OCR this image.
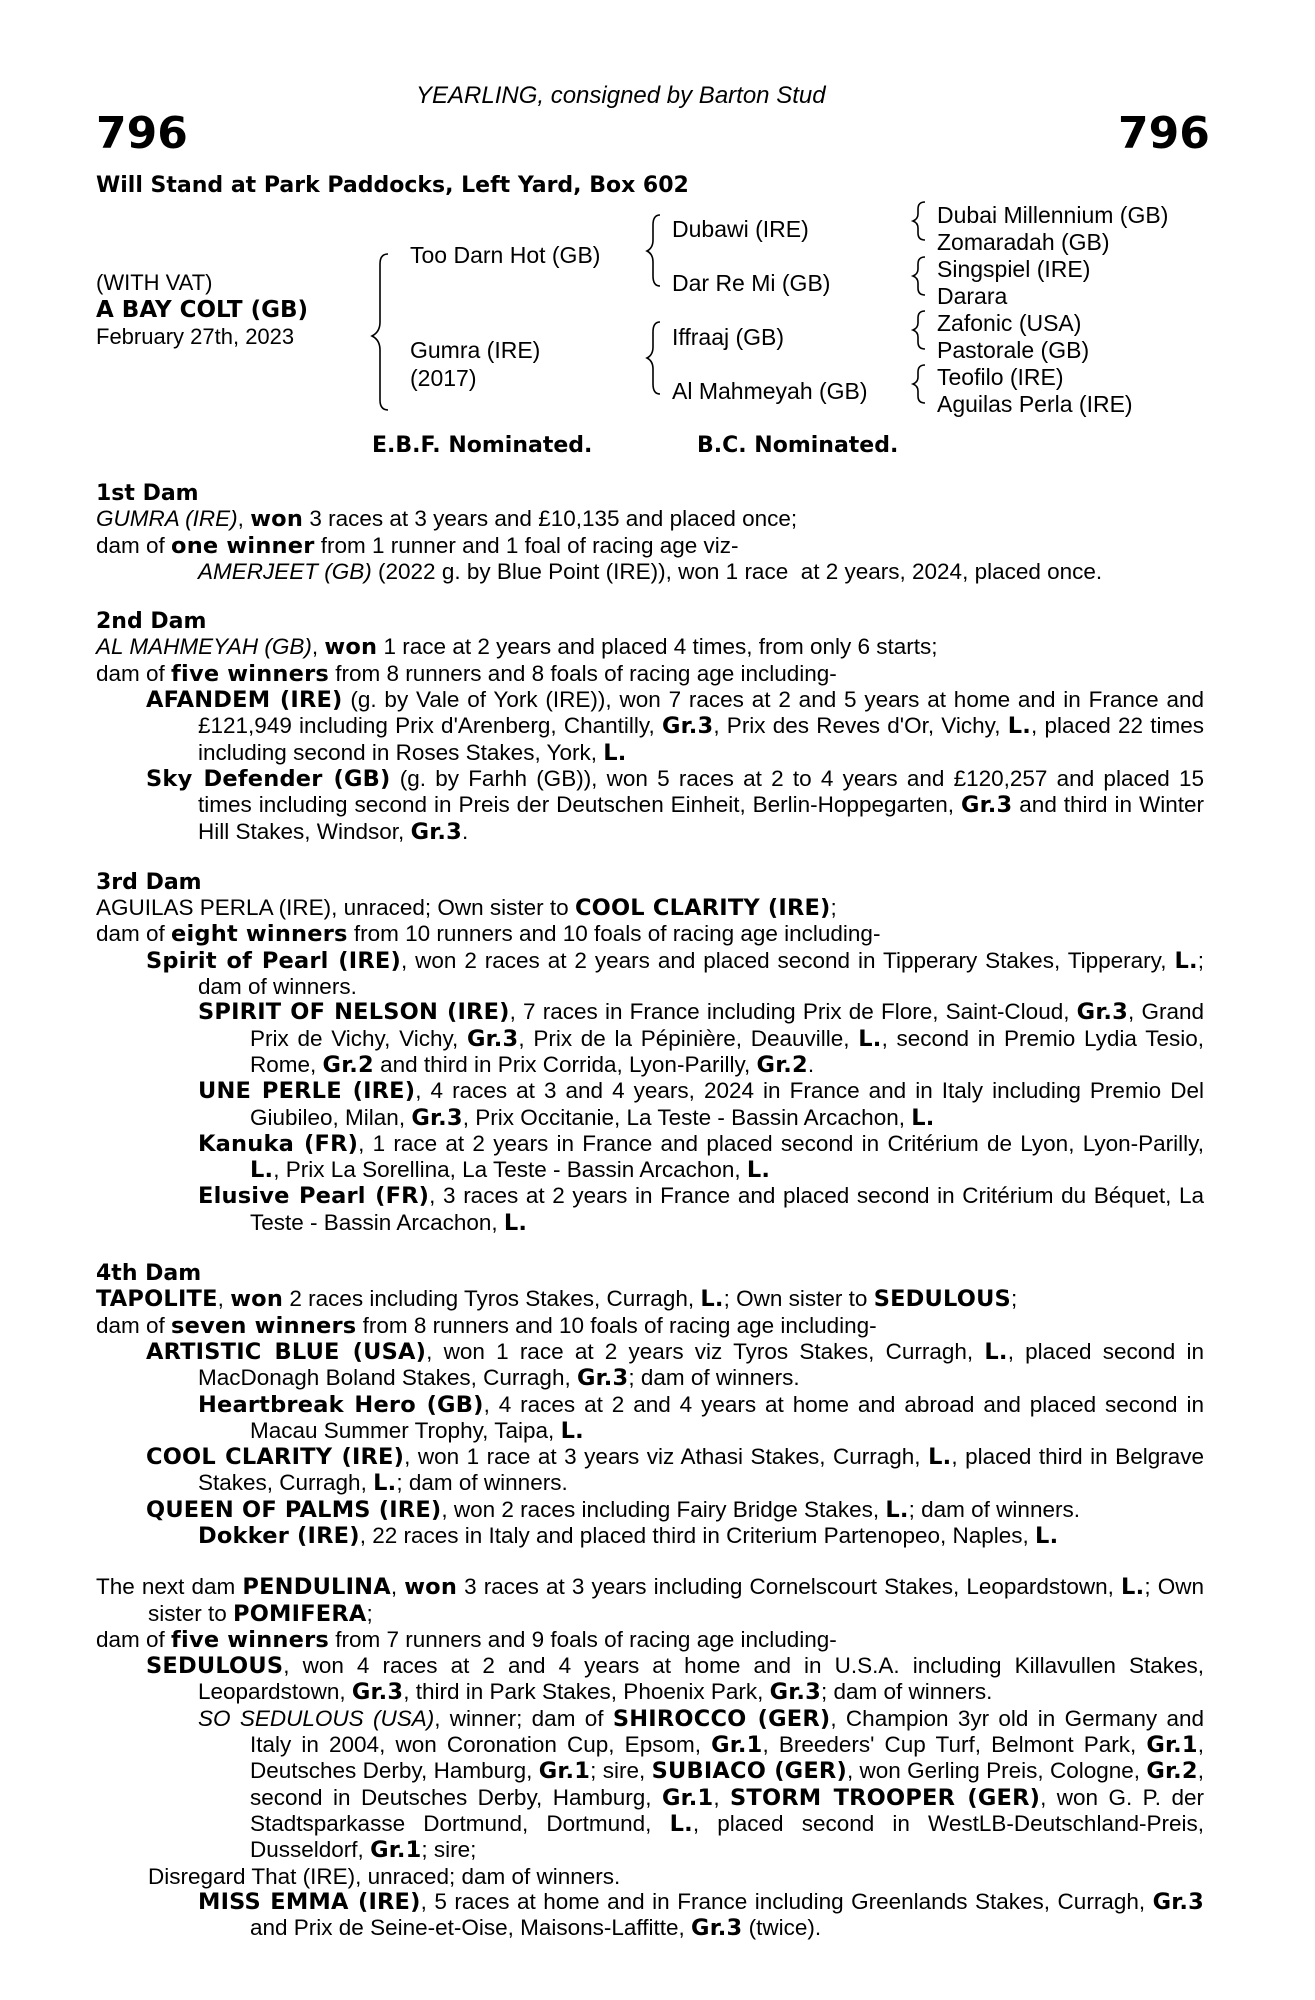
YEARLING, consigned by Barton Stud
796	796
Will Stand at Park Paddocks, Left Yard, Box 602
(WITH VAT)
A BAY COLT (GB)
February 27th, 2023
Too Darn Hot (GB)
Gumra (IRE)
(2017)
Dubawi (IRE)
Dar Re Mi (GB)
Iffraaj (GB)
Al Mahmeyah (GB)
Dubai Millennium (GB)
Zomaradah (GB)
Singspiel (IRE)
Darara
Zafonic (USA)
Pastorale (GB)
Teofilo (IRE)
Aguilas Perla (IRE)
E.B.F. Nominated.	B.C. Nominated.

1st Dam

GUMRA (IRE), won 3 races at 3 years and £10,135 and placed once;

dam of one winner from 1 runner and 1 foal of racing age viz-

AMERJEET (GB) (2022 g. by Blue Point (IRE)), won 1 race  at 2 years, 2024, placed once.

2nd Dam

AL MAHMEYAH (GB), won 1 race at 2 years and placed 4 times, from only 6 starts;

dam of five winners from 8 runners and 8 foals of racing age including-

AFANDEM (IRE) (g. by Vale of York (IRE)), won 7 races at 2 and 5 years at home and in France and £121,949 including Prix d'Arenberg, Chantilly, Gr.3, Prix des Reves d'Or, Vichy, L., placed 22 times including second in Roses Stakes, York, L.

Sky Defender (GB) (g. by Farhh (GB)), won 5 races at 2 to 4 years and £120,257 and placed 15 times including second in Preis der Deutschen Einheit, Berlin-Hoppegarten, Gr.3 and third in Winter Hill Stakes, Windsor, Gr.3.

3rd Dam

AGUILAS PERLA (IRE), unraced; Own sister to COOL CLARITY (IRE);

dam of eight winners from 10 runners and 10 foals of racing age including-

Spirit of Pearl (IRE), won 2 races at 2 years and placed second in Tipperary Stakes, Tipperary, L.; dam of winners.

SPIRIT OF NELSON (IRE), 7 races in France including Prix de Flore, Saint-Cloud, Gr.3, Grand Prix de Vichy, Vichy, Gr.3, Prix de la Pépinière, Deauville, L., second in Premio Lydia Tesio, Rome, Gr.2 and third in Prix Corrida, Lyon-Parilly, Gr.2.

UNE PERLE (IRE), 4 races at 3 and 4 years, 2024 in France and in Italy including Premio Del Giubileo, Milan, Gr.3, Prix Occitanie, La Teste - Bassin Arcachon, L.

Kanuka (FR), 1 race at 2 years in France and placed second in Critérium de Lyon, Lyon-Parilly, L., Prix La Sorellina, La Teste - Bassin Arcachon, L.

Elusive Pearl (FR), 3 races at 2 years in France and placed second in Critérium du Béquet, La Teste - Bassin Arcachon, L.

4th Dam

TAPOLITE, won 2 races including Tyros Stakes, Curragh, L.; Own sister to SEDULOUS;

dam of seven winners from 8 runners and 10 foals of racing age including-

ARTISTIC BLUE (USA), won 1 race at 2 years viz Tyros Stakes, Curragh, L., placed second in MacDonagh Boland Stakes, Curragh, Gr.3; dam of winners.

Heartbreak Hero (GB), 4 races at 2 and 4 years at home and abroad and placed second in Macau Summer Trophy, Taipa, L.

COOL CLARITY (IRE), won 1 race at 3 years viz Athasi Stakes, Curragh, L., placed third in Belgrave Stakes, Curragh, L.; dam of winners.

QUEEN OF PALMS (IRE), won 2 races including Fairy Bridge Stakes, L.; dam of winners.

Dokker (IRE), 22 races in Italy and placed third in Criterium Partenopeo, Naples, L.

The next dam PENDULINA, won 3 races at 3 years including Cornelscourt Stakes, Leopardstown, L.; Own sister to POMIFERA;

dam of five winners from 7 runners and 9 foals of racing age including-

SEDULOUS, won 4 races at 2 and 4 years at home and in U.S.A. including Killavullen Stakes, Leopardstown, Gr.3, third in Park Stakes, Phoenix Park, Gr.3; dam of winners.

SO SEDULOUS (USA), winner; dam of SHIROCCO (GER), Champion 3yr old in Germany and Italy in 2004, won Coronation Cup, Epsom, Gr.1, Breeders' Cup Turf, Belmont Park, Gr.1, Deutsches Derby, Hamburg, Gr.1; sire, SUBIACO (GER), won Gerling Preis, Cologne, Gr.2, second in Deutsches Derby, Hamburg, Gr.1, STORM TROOPER (GER), won G. P. der Stadtsparkasse Dortmund, Dortmund, L., placed second in WestLB-Deutschland-Preis, Dusseldorf, Gr.1; sire;

Disregard That (IRE), unraced; dam of winners.

MISS EMMA (IRE), 5 races at home and in France including Greenlands Stakes, Curragh, Gr.3 and Prix de Seine-et-Oise, Maisons-Laffitte, Gr.3 (twice).
